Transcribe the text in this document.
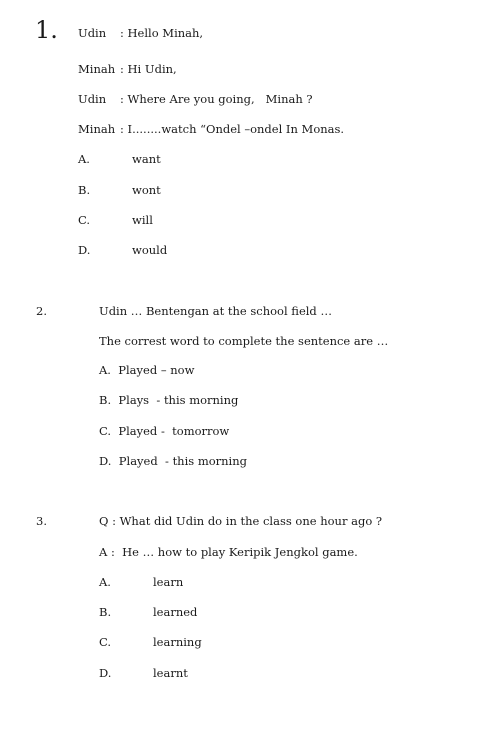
1. Udin : Hello Minah,
Minah : Hi Udin,
Udin : Where Are you going,   Minah ?
Minah : I........watch “Ondel –ondel In Monas.
A.	want
B.	wont
C.	will
D.	would
2.	Udin … Bentengan at the school field …
The correst word to complete the sentence are …
A.  Played – now
B.  Plays  - this morning
C.  Played -  tomorrow
D.  Played  - this morning
3.	Q : What did Udin do in the class one hour ago ?
A :  He … how to play Keripik Jengkol game.
A.	learn
B.	learned
C.	learning
D.	learnt
